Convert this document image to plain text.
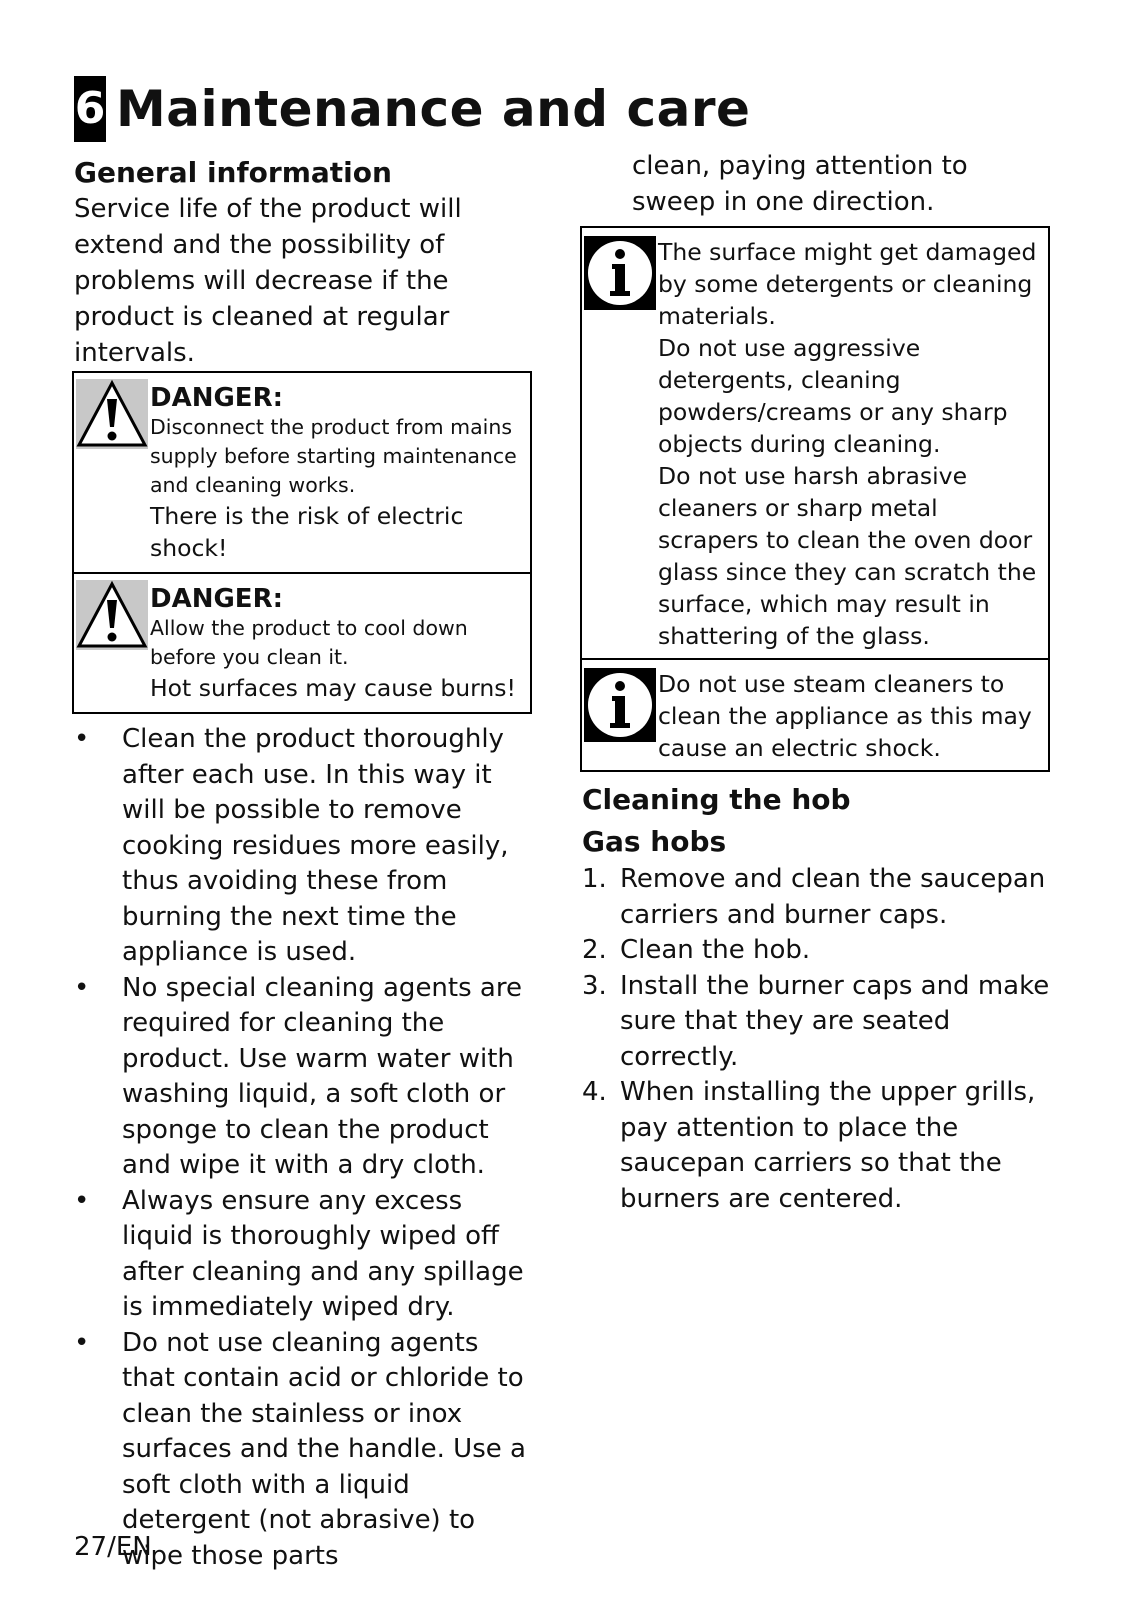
6 Maintenance and care

General information

Service life of the product will extend and the possibility of problems will decrease if the product is cleaned at regular intervals.

DANGER:
Disconnect the product from mains supply before starting maintenance and cleaning works.
There is the risk of electric shock!
DANGER:
Allow the product to cool down before you clean it.
Hot surfaces may cause burns!
• Clean the product thoroughly after each use. In this way it will be possible to remove cooking residues more easily, thus avoiding these from burning the next time the appliance is used.
• No special cleaning agents are required for cleaning the product. Use warm water with washing liquid, a soft cloth or sponge to clean the product and wipe it with a dry cloth.
• Always ensure any excess liquid is thoroughly wiped off after cleaning and any spillage is immediately wiped dry.
• Do not use cleaning agents that contain acid or chloride to clean the stainless or inox surfaces and the handle. Use a soft cloth with a liquid detergent (not abrasive) to wipe those parts

clean, paying attention to sweep in one direction.

The surface might get damaged by some detergents or cleaning materials.
Do not use aggressive detergents, cleaning powders/creams or any sharp objects during cleaning.
Do not use harsh abrasive cleaners or sharp metal scrapers to clean the oven door glass since they can scratch the surface, which may result in shattering of the glass.
Do not use steam cleaners to clean the appliance as this may cause an electric shock.

Cleaning the hob

Gas hobs

1. Remove and clean the saucepan carriers and burner caps.
2. Clean the hob.
3. Install the burner caps and make sure that they are seated correctly.
4. When installing the upper grills, pay attention to place the saucepan carriers so that the burners are centered.
27/EN
